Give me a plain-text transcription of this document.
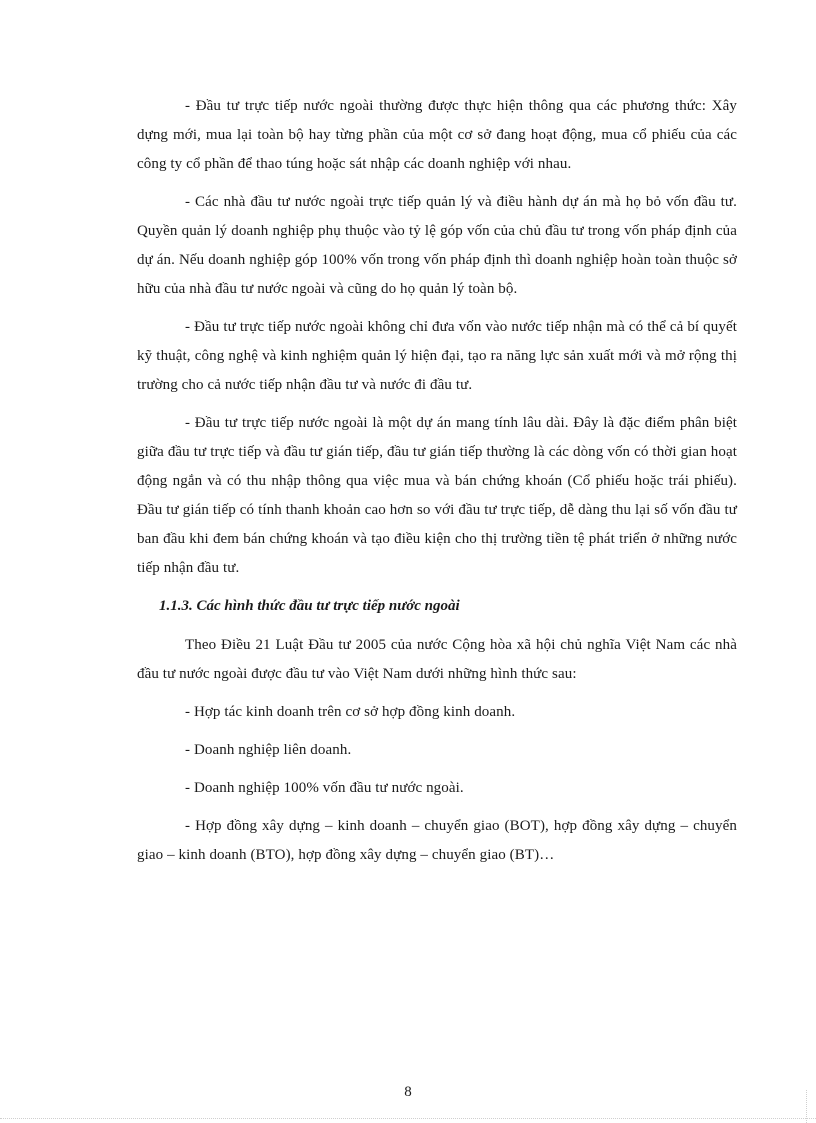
- Đầu tư trực tiếp nước ngoài thường được thực hiện thông qua các phương thức: Xây dựng mới, mua lại toàn bộ hay từng phần của một cơ sở đang hoạt động, mua cổ phiếu của các công ty cổ phần để thao túng hoặc sát nhập các doanh nghiệp với nhau.

- Các nhà đầu tư nước ngoài trực tiếp quản lý và điều hành dự án mà họ bỏ vốn đầu tư. Quyền quản lý doanh nghiệp phụ thuộc vào tỷ lệ góp vốn của chủ đầu tư trong vốn pháp định của dự án. Nếu doanh nghiệp góp 100% vốn trong vốn pháp định thì doanh nghiệp hoàn toàn thuộc sở hữu của nhà đầu tư nước ngoài và cũng do họ quản lý toàn bộ.

- Đầu tư trực tiếp nước ngoài không chỉ đưa vốn vào nước tiếp nhận mà có thể cả bí quyết kỹ thuật, công nghệ và kinh nghiệm quản lý hiện đại, tạo ra năng lực sản xuất mới và mở rộng thị trường cho cả nước tiếp nhận đầu tư và nước đi đầu tư.

- Đầu tư trực tiếp nước ngoài là một dự án mang tính lâu dài. Đây là đặc điểm phân biệt giữa đầu tư trực tiếp và đầu tư gián tiếp, đầu tư gián tiếp thường là các dòng vốn có thời gian hoạt động ngắn và có thu nhập thông qua việc mua và bán chứng khoán (Cổ phiếu hoặc trái phiếu). Đầu tư gián tiếp có tính thanh khoản cao hơn so với đầu tư trực tiếp, dễ dàng thu lại số vốn đầu tư ban đầu khi đem bán chứng khoán và tạo điều kiện cho thị trường tiền tệ phát triển ở những nước tiếp nhận đầu tư.

1.1.3. Các hình thức đầu tư trực tiếp nước ngoài

Theo Điều 21 Luật Đầu tư 2005 của nước Cộng hòa xã hội chủ nghĩa Việt Nam các nhà đầu tư nước ngoài được đầu tư vào Việt Nam dưới những hình thức sau:

- Hợp tác kinh doanh trên cơ sở hợp đồng kinh doanh.

- Doanh nghiệp liên doanh.

- Doanh nghiệp 100% vốn đầu tư nước ngoài.

- Hợp đồng xây dựng – kinh doanh – chuyển giao (BOT), hợp đồng xây dựng – chuyển giao – kinh doanh (BTO), hợp đồng xây dựng – chuyển giao (BT)…

8
